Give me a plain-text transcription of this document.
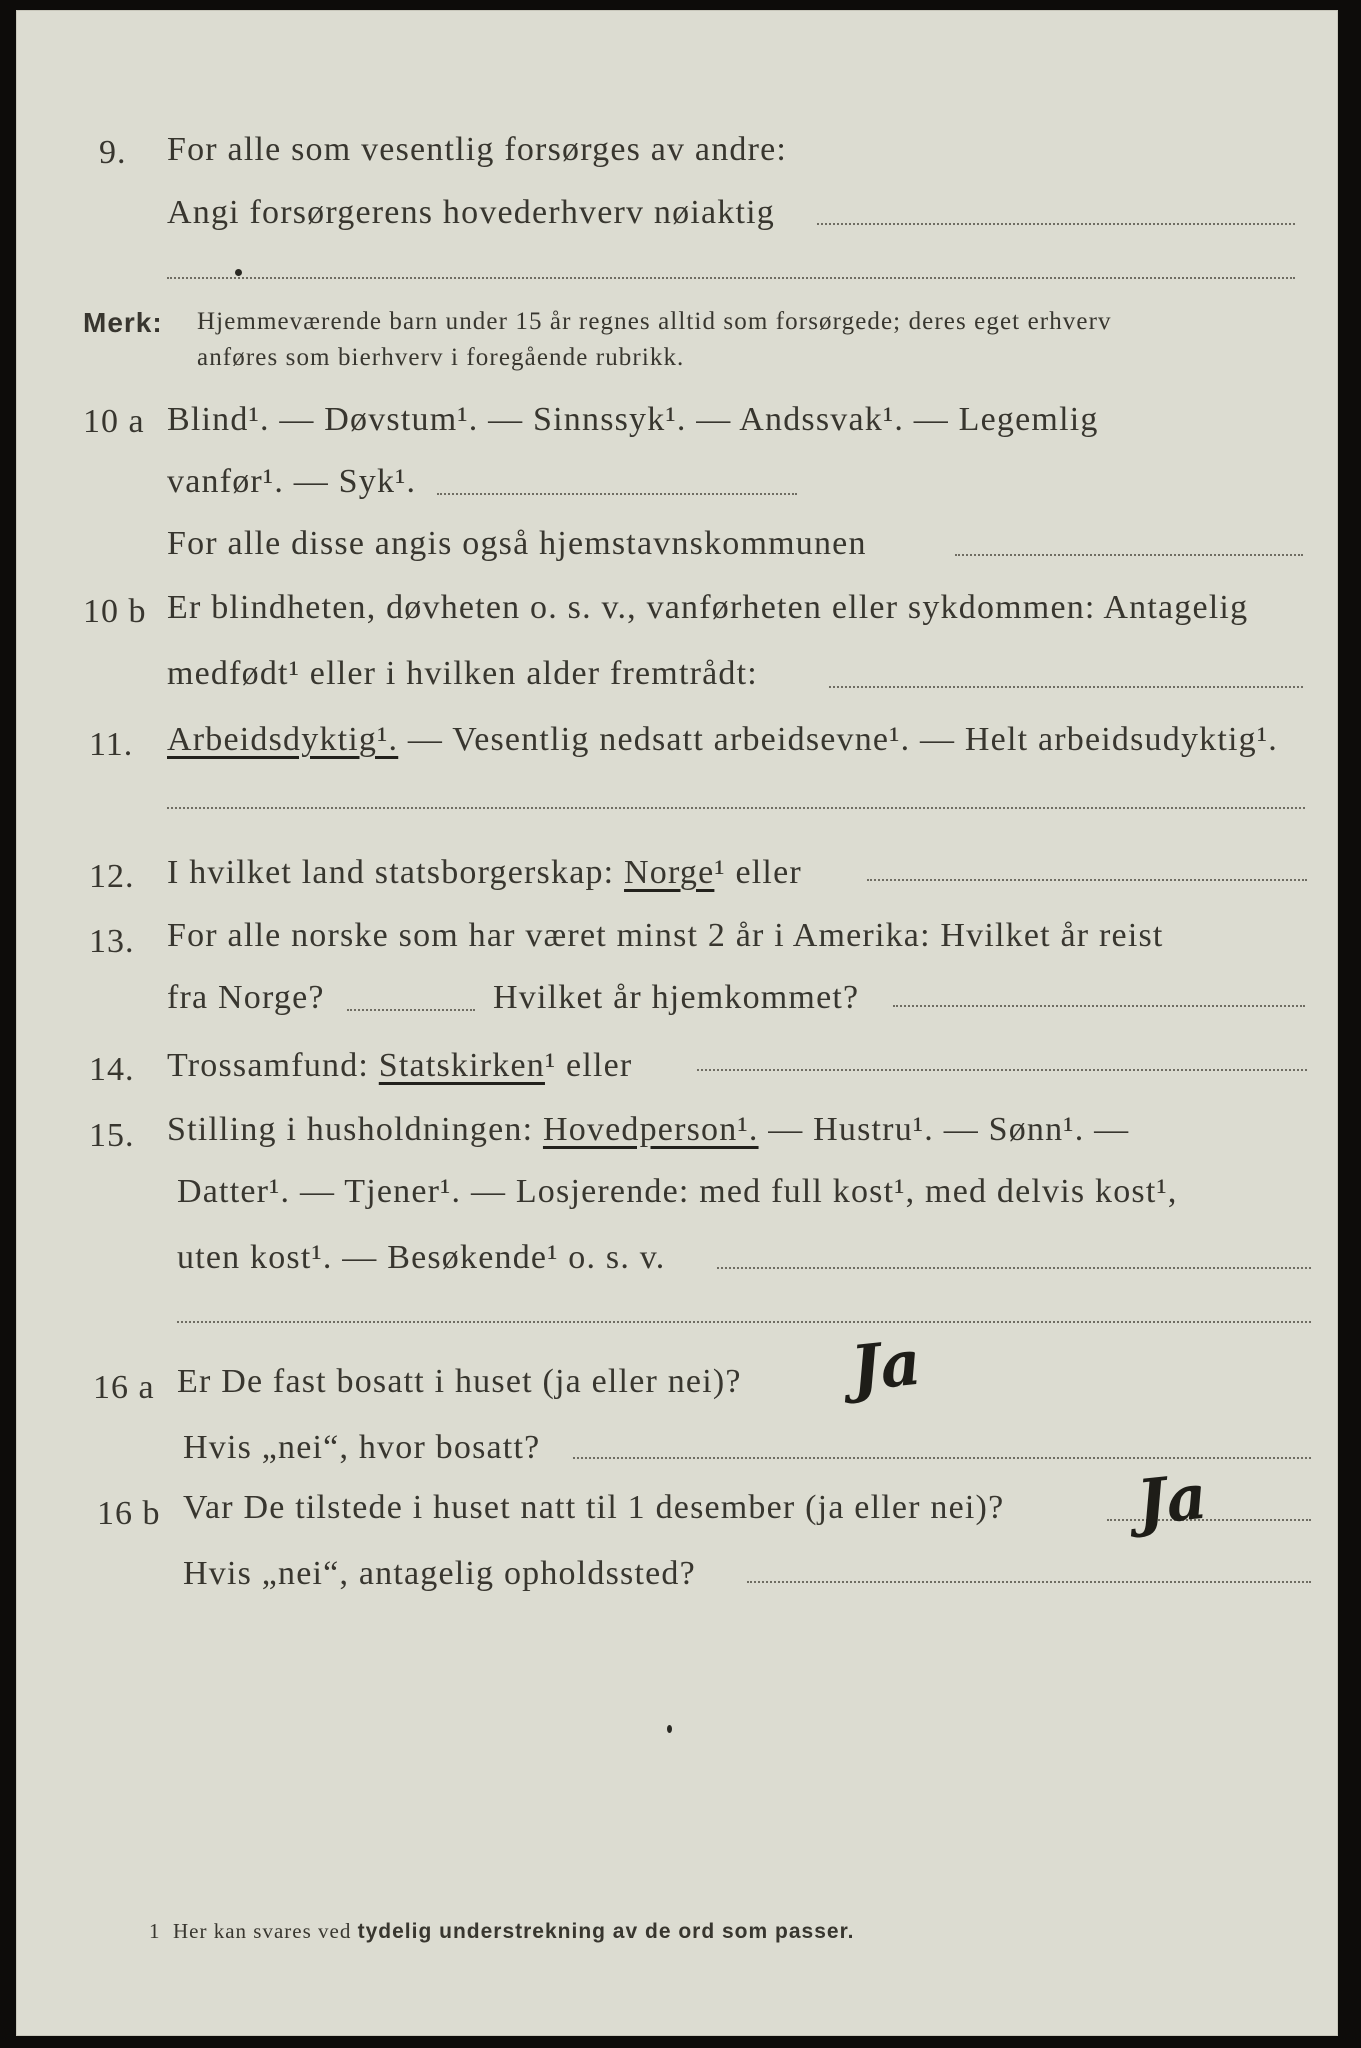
9.	For alle som vesentlig forsørges av andre:
Angi forsørgerens hovederhverv nøiaktig
Merk: Hjemmeværende barn under 15 år regnes alltid som forsørgede; deres eget erhverv
anføres som bierhverv i foregående rubrikk.
10 a Blind¹. — Døvstum¹. — Sinnssyk¹. — Andssvak¹. — Legemlig
vanfør¹. — Syk¹.
For alle disse angis også hjemstavnskommunen
10 b Er blindheten, døvheten o. s. v., vanførheten eller sykdommen: Antagelig
medfødt¹ eller i hvilken alder fremtrådt:
11. Arbeidsdyktig¹. — Vesentlig nedsatt arbeidsevne¹. — Helt arbeidsudyktig¹.
12. I hvilket land statsborgerskap: Norge¹ eller
13. For alle norske som har været minst 2 år i Amerika: Hvilket år reist
fra Norge?	Hvilket år hjemkommet?
14. Trossamfund: Statskirken¹ eller
15. Stilling i husholdningen: Hovedperson¹. — Hustru¹. — Sønn¹. —
Datter¹. — Tjener¹. — Losjerende: med full kost¹, med delvis kost¹,
uten kost¹. — Besøkende¹ o. s. v.
16 a Er De fast bosatt i huset (ja eller nei)? Ja
Hvis „nei“, hvor bosatt?
16 b Var De tilstede i huset natt til 1 desember (ja eller nei)? Ja
Hvis „nei“, antagelig opholdssted?
1 Her kan svares ved tydelig understrekning av de ord som passer.
